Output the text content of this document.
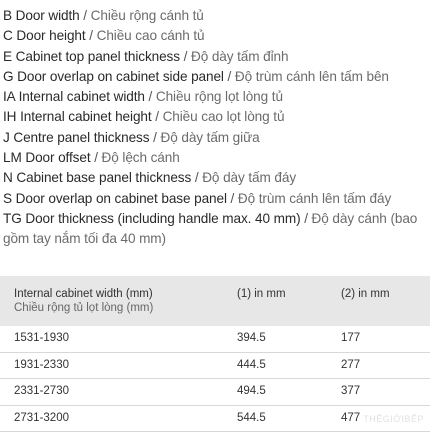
B Door width / Chiều rộng cánh tủ
C Door height / Chiều cao cánh tủ
E Cabinet top panel thickness / Độ dày tấm đỉnh
G Door overlap on cabinet side panel / Độ trùm cánh lên tấm bên
IA Internal cabinet width / Chiều rộng lọt lòng tủ
IH Internal cabinet height / Chiều cao lọt lòng tủ
J Centre panel thickness / Độ dày tấm giữa
LM Door offset / Độ lệch cánh
N Cabinet base panel thickness / Độ dày tấm đáy
S Door overlap on cabinet base panel / Độ trùm cánh lên tấm đáy
TG Door thickness (including handle max. 40 mm) / Độ dày cánh (bao gồm tay nắm tối đa 40 mm)
Internal cabinet width (mm)
Chiều rộng tủ lọt lòng (mm)
(1) in mm	(2) in mm
1531-1930	394.5	177
1931-2330	444.5	277
2331-2730	494.5	377
2731-3200	544.5	477 THẾGIỚIBẾP
